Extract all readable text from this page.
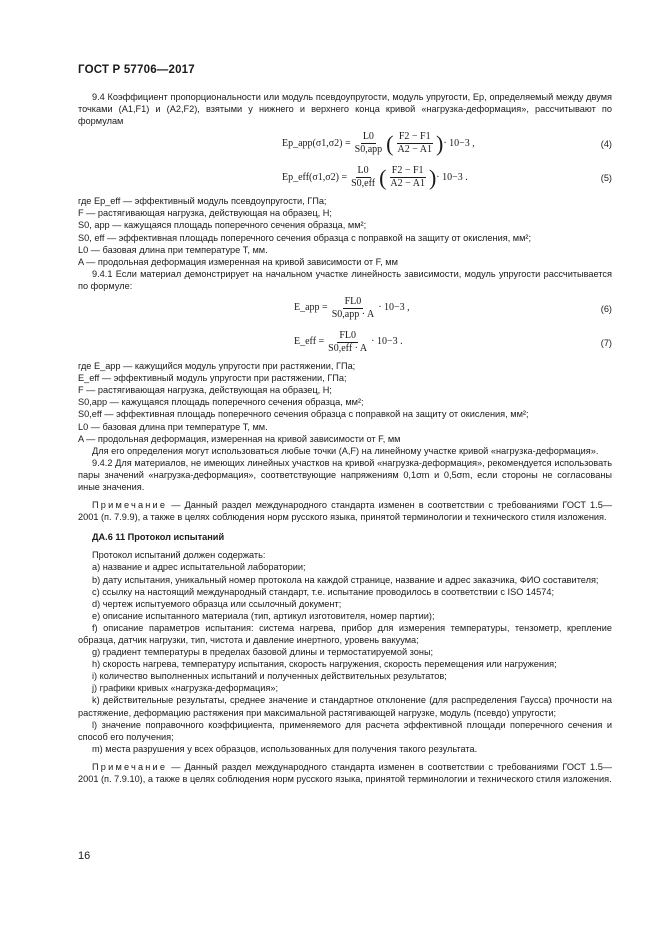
ГОСТ Р 57706—2017

9.4 Коэффициент пропорциональности или модуль псевдоупругости, модуль упругости, Ep, определяемый между двумя точками (A1,F1) и (A2,F2), взятыми у нижнего и верхнего конца кривой «нагрузка-деформация», рассчитывают по формулам

Ep_app(σ1,σ2) = $\frac{L0}{\text{S0,app}}$ ( $\frac{F2 - F1}{A2 - A1}$ ) · 10−3 ,	(4)
Ep_eff(σ1,σ2) = $\frac{L0}{\text{S0,eff}}$ ( $\frac{F2 - F1}{A2 - A1}$ ) · 10−3 .	(5)

где Ep_eff — эффективный модуль псевдоупругости, ГПа;

F — растягивающая нагрузка, действующая на образец, Н;

S0, app — кажущаяся площадь поперечного сечения образца, мм²;

S0, eff — эффективная площадь поперечного сечения образца с поправкой на защиту от окисления, мм²;

L0 — базовая длина при температуре T, мм.

A — продольная деформация измеренная на кривой зависимости от F, мм

9.4.1 Если материал демонстрирует на начальном участке линейность зависимости, модуль упругости рассчитывается по формуле:

E_app = $\frac{FL0}{\text{S0,app · A}} \cdot 10-3$ ,	(6)
E_eff = $\frac{FL0}{\text{S0,eff · A}} \cdot 10-3$ .	(7)

где E_app — кажущийся модуль упругости при растяжении, ГПа;

E_eff — эффективный модуль упругости при растяжении, ГПа;

F — растягивающая нагрузка, действующая на образец, Н;

S0,app — кажущаяся площадь поперечного сечения образца, мм²;

S0,eff — эффективная площадь поперечного сечения образца с поправкой на защиту от окисления, мм²;

L0 — базовая длина при температуре T, мм.

A — продольная деформация, измеренная на кривой зависимости от F, мм

Для его определения могут использоваться любые точки (A,F) на линейному участке кривой «нагрузка-деформация».

9.4.2 Для материалов, не имеющих линейных участков на кривой «нагрузка-деформация», рекомендуется использовать пары значений «нагрузка-деформация», соответствующие напряжениям 0,1σm и 0,5σm, если стороны не согласованы иные значения.

Примечание — Данный раздел международного стандарта изменен в соответствии с требованиями ГОСТ 1.5—2001 (п. 7.9.9), а также в целях соблюдения норм русского языка, принятой терминологии и технического стиля изложения.

ДА.6 11 Протокол испытаний

Протокол испытаний должен содержать:

а) название и адрес испытательной лаборатории;

b) дату испытания, уникальный номер протокола на каждой странице, название и адрес заказчика, ФИО составителя;

c) ссылку на настоящий международный стандарт, т.е. испытание проводилось в соответствии с ISO 14574;

d) чертеж испытуемого образца или ссылочный документ;

e) описание испытанного материала (тип, артикул изготовителя, номер партии);

f) описание параметров испытания: система нагрева, прибор для измерения температуры, тензометр, крепление образца, датчик нагрузки, тип, чистота и давление инертного, уровень вакуума;

g) градиент температуры в пределах базовой длины и термостатируемой зоны;

h) скорость нагрева, температуру испытания, скорость нагружения, скорость перемещения или нагружения;

i) количество выполненных испытаний и полученных действительных результатов;

j) графики кривых «нагрузка-деформация»;

k) действительные результаты, среднее значение и стандартное отклонение (для распределения Гаусса) прочности на растяжение, деформацию растяжения при максимальной растягивающей нагрузке, модуль (псевдо) упругости;

l) значение поправочного коэффициента, применяемого для расчета эффективной площади поперечного сечения и способ его получения;

m) места разрушения у всех образцов, использованных для получения такого результата.

Примечание — Данный раздел международного стандарта изменен в соответствии с требованиями ГОСТ 1.5—2001 (п. 7.9.10), а также в целях соблюдения норм русского языка, принятой терминологии и технического стиля изложения.

16
